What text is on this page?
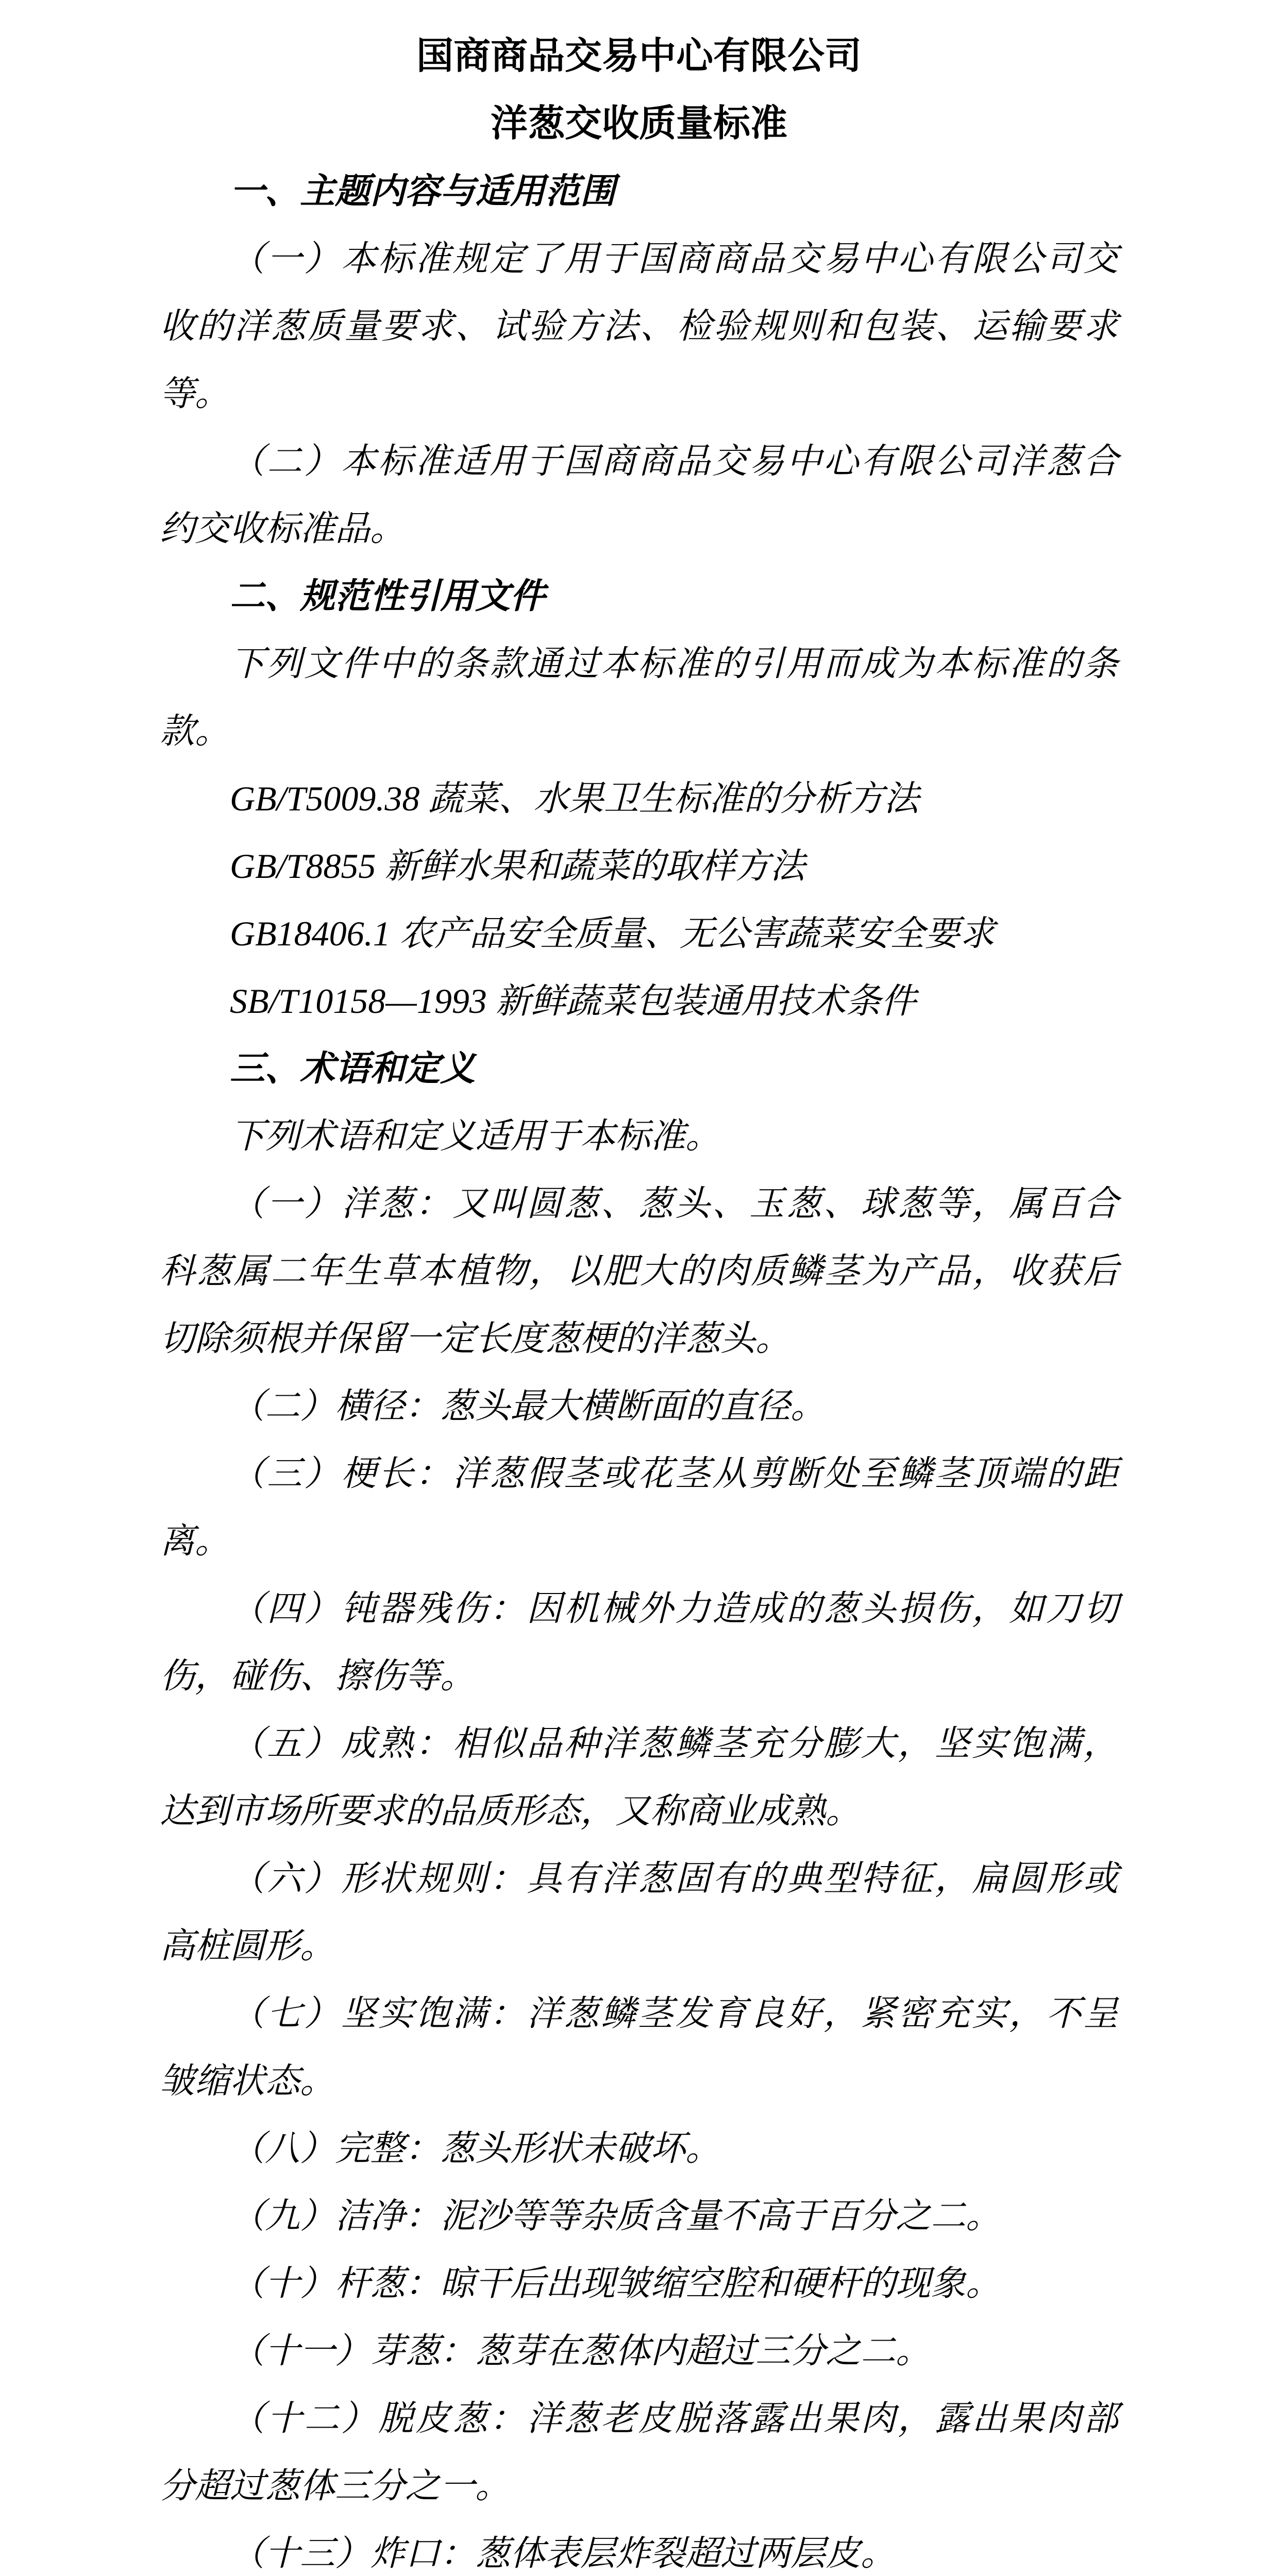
国商商品交易中心有限公司
洋葱交收质量标准
一、主题内容与适用范围
（一）本标准规定了用于国商商品交易中心有限公司交
收的洋葱质量要求、试验方法、检验规则和包装、运输要求
等。
（二）本标准适用于国商商品交易中心有限公司洋葱合
约交收标准品。
二、规范性引用文件
下列文件中的条款通过本标准的引用而成为本标准的条
款。
GB/T5009.38 蔬菜、水果卫生标准的分析方法
GB/T8855 新鲜水果和蔬菜的取样方法
GB18406.1 农产品安全质量、无公害蔬菜安全要求
SB/T10158—1993 新鲜蔬菜包装通用技术条件
三、术语和定义
下列术语和定义适用于本标准。
（一）洋葱：又叫圆葱、葱头、玉葱、球葱等，属百合
科葱属二年生草本植物，以肥大的肉质鳞茎为产品，收获后
切除须根并保留一定长度葱梗的洋葱头。
（二）横径：葱头最大横断面的直径。
（三）梗长：洋葱假茎或花茎从剪断处至鳞茎顶端的距
离。
（四）钝器残伤：因机械外力造成的葱头损伤，如刀切
伤，碰伤、擦伤等。
（五）成熟：相似品种洋葱鳞茎充分膨大，坚实饱满，
达到市场所要求的品质形态，又称商业成熟。
（六）形状规则：具有洋葱固有的典型特征，扁圆形或
高桩圆形。
（七）坚实饱满：洋葱鳞茎发育良好，紧密充实，不呈
皱缩状态。
（八）完整：葱头形状未破坏。
（九）洁净：泥沙等等杂质含量不高于百分之二。
（十）杆葱：晾干后出现皱缩空腔和硬杆的现象。
（十一）芽葱：葱芽在葱体内超过三分之二。
（十二）脱皮葱：洋葱老皮脱落露出果肉，露出果肉部
分超过葱体三分之一。
（十三）炸口：葱体表层炸裂超过两层皮。
